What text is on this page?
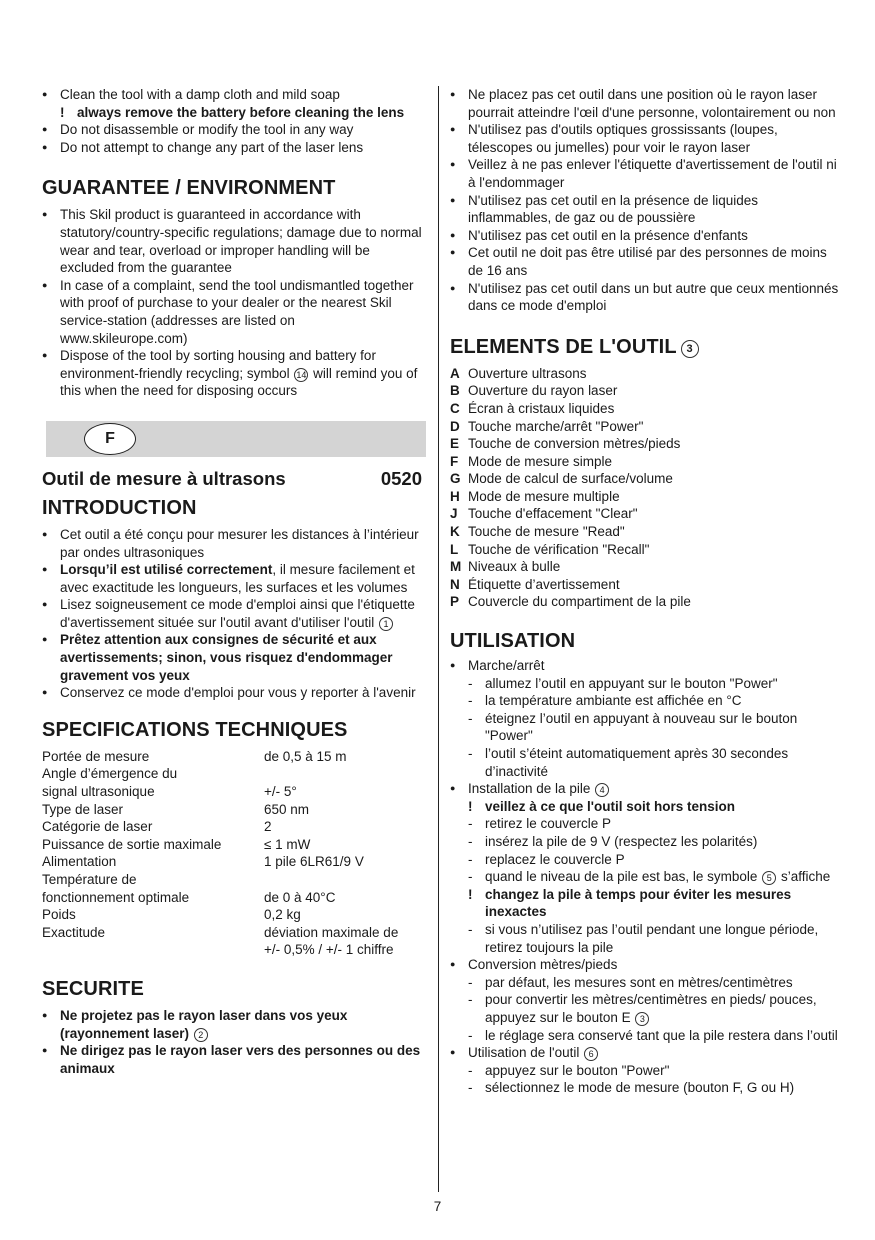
● Clean the tool with a damp cloth and mild soap

! always remove the battery before cleaning the lens

● Do not disassemble or modify the tool in any way

● Do not attempt to change any part of the laser lens

GUARANTEE / ENVIRONMENT

● This Skil product is guaranteed in accordance with statutory/country-specific regulations; damage due to normal wear and tear, overload or improper handling will be excluded from the guarantee

● In case of a complaint, send the tool undismantled together with proof of purchase to your dealer or the nearest Skil service-station (addresses are listed on www.skileurope.com)

● Dispose of the tool by sorting housing and battery for environment-friendly recycling; symbol 14 will remind you of this when the need for disposing occurs

F
Outil de mesure à ultrasons	0520
INTRODUCTION

● Cet outil a été conçu pour mesurer les distances à l’intérieur par ondes ultrasoniques

● Lorsqu’il est utilisé correctement, il mesure facilement et avec exactitude les longueurs, les surfaces et les volumes

● Lisez soigneusement ce mode d'emploi ainsi que l'étiquette d'avertissement située sur l'outil avant d'utiliser l'outil 1

● Prêtez attention aux consignes de sécurité et aux avertissements; sinon, vous risquez d'endommager gravement vos yeux

● Conservez ce mode d'emploi pour vous y reporter à l'avenir

SPECIFICATIONS TECHNIQUES
Portée de mesure	de 0,5 à 15 m
Angle d’émergence du
signal ultrasonique	+/- 5°
Type de laser	650 nm
Catégorie de laser	2
Puissance de sortie maximale	≤ 1 mW
Alimentation	1 pile 6LR61/9 V
Température de
fonctionnement optimale	de 0 à 40°C
Poids	0,2 kg
Exactitude	déviation maximale de
+/- 0,5% / +/- 1 chiffre
SECURITE

● Ne projetez pas le rayon laser dans vos yeux (rayonnement laser) 2

● Ne dirigez pas le rayon laser vers des personnes ou des animaux

● Ne placez pas cet outil dans une position où le rayon laser pourrait atteindre l'œil d'une personne, volontairement ou non

● N'utilisez pas d'outils optiques grossissants (loupes, télescopes ou jumelles) pour voir le rayon laser

● Veillez à ne pas enlever l'étiquette d'avertissement de l'outil ni à l'endommager

● N'utilisez pas cet outil en la présence de liquides inflammables, de gaz ou de poussière

● N'utilisez pas cet outil en la présence d'enfants

● Cet outil ne doit pas être utilisé par des personnes de moins de 16 ans

● N'utilisez pas cet outil dans un but autre que ceux mentionnés dans ce mode d'emploi

ELEMENTS DE L'OUTIL 3
A Ouverture ultrasons
B Ouverture du rayon laser
C Écran à cristaux liquides
D Touche marche/arrêt "Power"
E Touche de conversion mètres/pieds
F Mode de mesure simple
G Mode de calcul de surface/volume
H Mode de mesure multiple
J Touche d'effacement "Clear"
K Touche de mesure "Read"
L Touche de vérification "Recall"
M Niveaux à bulle
N Étiquette d’avertissement
P Couvercle du compartiment de la pile
UTILISATION

● Marche/arrêt

- allumez l’outil en appuyant sur le bouton "Power"

- la température ambiante est affichée en °C

- éteignez l’outil en appuyant à nouveau sur le bouton "Power"

- l’outil s’éteint automatiquement après 30 secondes d’inactivité

● Installation de la pile 4

! veillez à ce que l'outil soit hors tension

- retirez le couvercle P

- insérez la pile de 9 V (respectez les polarités)

- replacez le couvercle P

- quand le niveau de la pile est bas, le symbole 5 s’affiche

! changez la pile à temps pour éviter les mesures inexactes

- si vous n’utilisez pas l’outil pendant une longue période, retirez toujours la pile

● Conversion mètres/pieds

- par défaut, les mesures sont en mètres/centimètres

- pour convertir les mètres/centimètres en pieds/ pouces, appuyez sur le bouton E 3

- le réglage sera conservé tant que la pile restera dans l’outil

● Utilisation de l'outil 6

- appuyez sur le bouton "Power"

- sélectionnez le mode de mesure (bouton F, G ou H)

7
